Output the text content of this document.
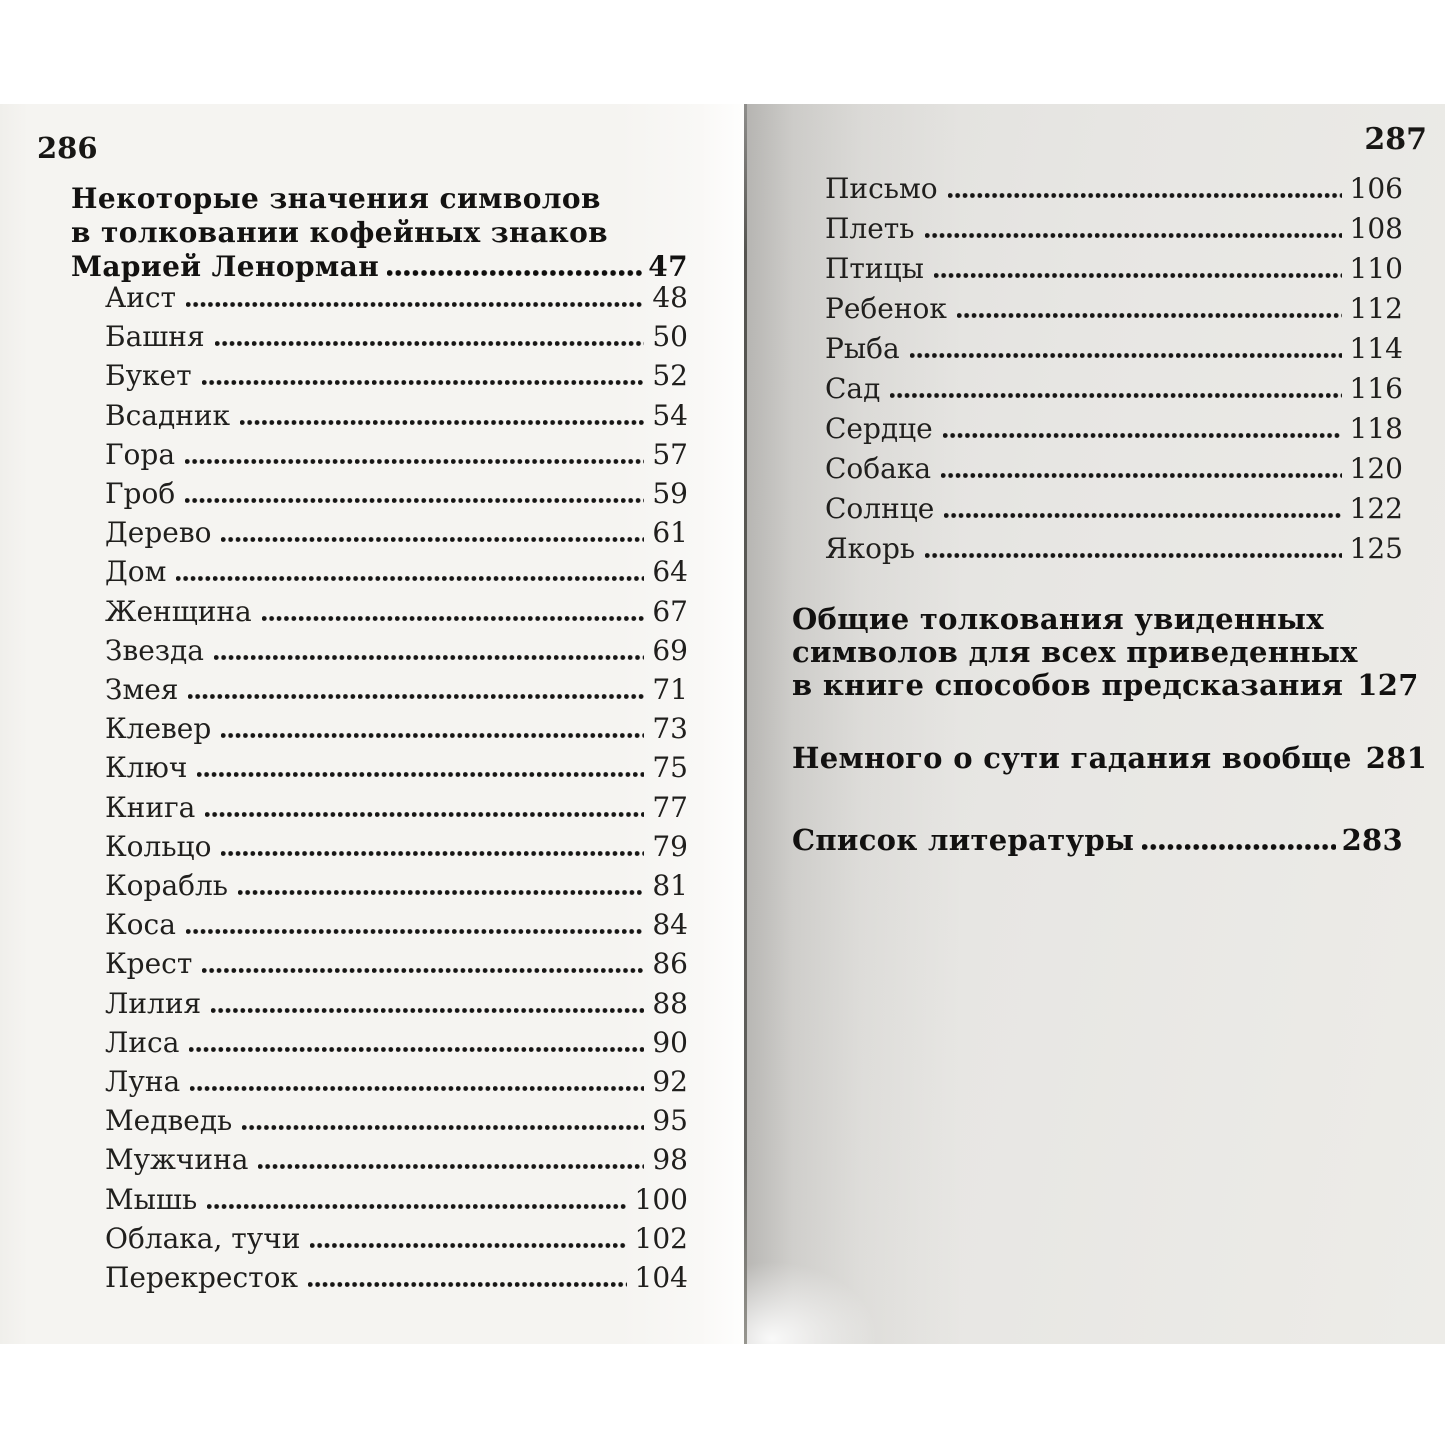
286
Некоторые значения символов
в толковании кофейных знаков
Марией Ленорман	47
Аист	48
Башня	50
Букет	52
Всадник	54
Гора	57
Гроб	59
Дерево	61
Дом	64
Женщина	67
Звезда	69
Змея	71
Клевер	73
Ключ	75
Книга	77
Кольцо	79
Корабль	81
Коса	84
Крест	86
Лилия	88
Лиса	90
Луна	92
Медведь	95
Мужчина	98
Мышь	100
Облака, тучи	102
Перекресток	104
287
Письмо	106
Плеть	108
Птицы	110
Ребенок	112
Рыба	114
Сад	116
Сердце	118
Собака	120
Солнце	122
Якорь	125
Общие толкования увиденных
символов для всех приведенных
в книге способов предсказания 127
Немного о сути гадания вообще 281
Список литературы	283
